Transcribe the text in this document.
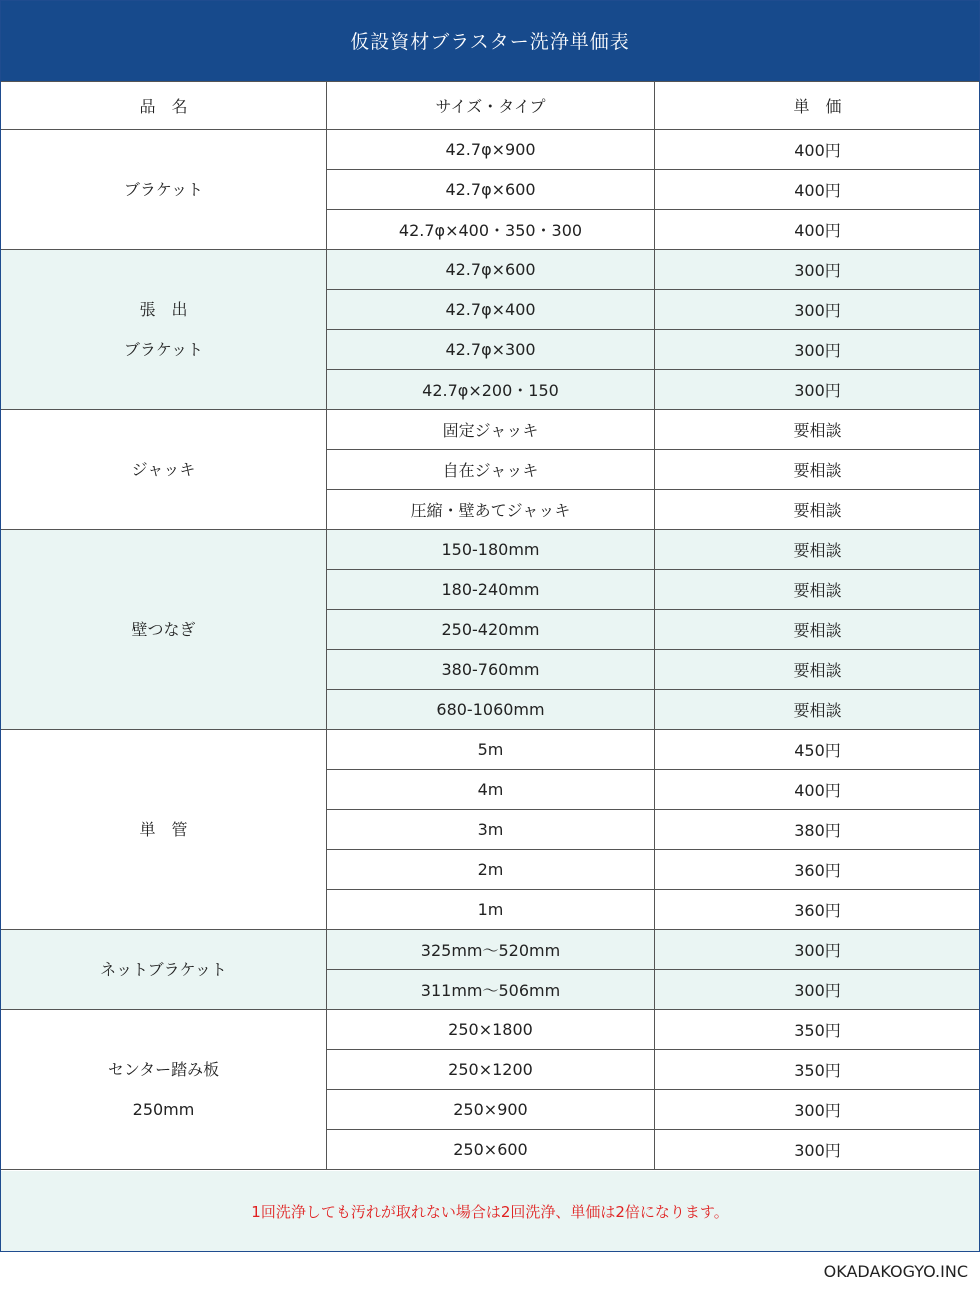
仮設資材ブラスター洗浄単価表
品　名	サイズ・タイプ	単　価

ブラケット	42.7φ×900	400円
	42.7φ×600	400円
	42.7φ×400・350・300	400円

張　出
ブラケット	42.7φ×600	300円
	42.7φ×400	300円
	42.7φ×300	300円
	42.7φ×200・150	300円

ジャッキ	固定ジャッキ	要相談
	自在ジャッキ	要相談
	圧縮・壁あてジャッキ	要相談

壁つなぎ	150-180mm	要相談
	180-240mm	要相談
	250-420mm	要相談
	380-760mm	要相談
	680-1060mm	要相談

単　管	5m	450円
	4m	400円
	3m	380円
	2m	360円
	1m	360円

ネットブラケット	325mm～520mm	300円
	311mm～506mm	300円

センター踏み板
250mm	250×1800	350円
	250×1200	350円
	250×900	300円
	250×600	300円
1回洗浄しても汚れが取れない場合は2回洗浄、単価は2倍になります。
OKADAKOGYO.INC
